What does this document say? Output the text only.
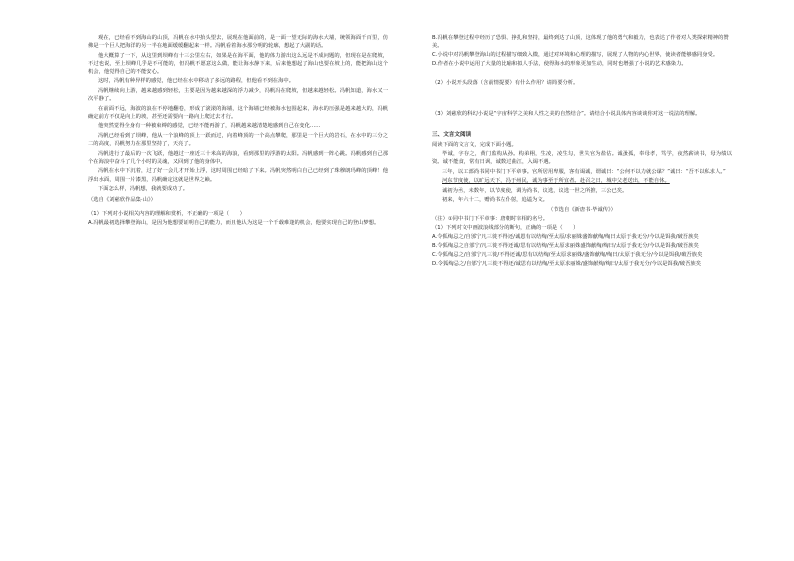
观在，已经看不到海山的山顶，冯帆在水中抬头望去，展现在他面前的，是一面一望无际的海水大墙，统领海面千百里，仿佛是一个巨人把海洋的另一半在地面缓缓翻起来一样。冯帆看着海水那分明的轮廓，想起了大副的话。

他大概算了一下，从这里到坝峰有十三公里左右，如果是在海平面，他的体力游出这么远是不成问题的，但现在是在爬坡，不过也说，至上坝峰几乎是不可能的，但冯帆不愿意这么做，能让海水静下来，后来他想起了海山也要在坡上的，能把海山这个机会，他觉得自己的不能安心。

这时，冯帆有种异样的感觉，他已经在水中移动了多远的路程，但他看不到在海中。

冯帆继续向上游，越来越感到轻松，主要是因为越来越深的浮力减少，冯帆冯在爬坡，但越来越轻松。冯帆知道，海水又一次平静了。

在前面不远，海波的浪在不停地翻卷，形成了滚滚的海墙，这个海墙已经被海水包围起来，海水的压强是越来越大的，冯帆确定前方不仅是向上的坡，甚至还需要向一路向上爬过去才行。

他突然觉得全身有一种被束缚的感觉，已经不能再游了，冯帆越来越清楚地感到自己在变化……

冯帆已经看到了坝峰，他从一个浪峰的顶上一跃而过，向着峰顶的一个高点攀爬，那里是一个巨大的岩石，在水中的三分之二的高度，冯帆努力在那里坚持了，天亮了。

冯帆进行了最后的一次飞跃，他越过一座近三十米高的海浪，看到那里的浮游的太阳。冯帆感到一阵心跳。冯帆感到自己那个在海浪中奋斗了几个小时的灵魂，又回到了他的身体中。

冯帆在水中下沉着，过了好一会儿才开始上浮，这时周围已经暗了下来。冯帆突然明白自己已经到了珠穆朗玛峰的顶峰！他浮出水面，周围一片漆黑，冯帆确定这就是世界之巅。

下面怎么样，冯帆想，我就要成功了。

（选自《刘慈欣作品集·山》）
（1）下列对小说相关内容的理解和赏析，不正确的一项是（　　）
A.冯帆最初选择攀登海山，是因为他想要证明自己的能力，而且他认为这是一个千载难逢的机会，他要实现自己的登山梦想。
B.冯帆在攀登过程中经历了恐惧、挣扎和坚持，最终到达了山顶，这体现了他的勇气和毅力，也表达了作者对人类探索精神的赞美。
C.小说中对冯帆攀登海山的过程描写细致入微，通过对环境和心理的描写，展现了人物的内心世界，使读者能够感同身受。
D.作者在小说中运用了大量的比喻和拟人手法，使得海水的形象更加生动，同时也增强了小说的艺术感染力。
（2）小说开头段落（含前情提要）有什么作用？请简要分析。
（3）刘慈欣的科幻小说是“宇宙科学之美和人性之美的自然结合”。请结合小说具体内容谈谈你对这一说法的理解。
三、文言文阅读
阅读下面的文言文，完成下面小题。

毕诚，字存之，黄门监构从孙。构弟栩，生凌，凌生勾，世失官为盐估。诚蚤孤，奉母孝，笃学，夜然薪读书，母为绩以资。诚不能食，常有日讽，诚数过曲江，入谒不遇。

三年，以工部尚书同中书门下平章事。官所居用卑服，客有谒诚，谓诚曰：“公何不以力就公谋？”诚曰：“吾不以私求人。”

河东节度使，以旷远天下，冯于州民，诚为事至于所宜者。赴召之日，城中父老送出，不能自休。

诚初为丞，未数年，以节度使，调为尚书，议选，议选一世之所推，三公已矣。

初来，年六十二，赠尚书左仆射，追谥为文。

（节选自《新唐书·毕诚传》）
（注）①同中书门下平章事：唐朝时宰相的名号。
（1）下列对文中画波浪线部分的断句，正确的一项是（　　）
A.令狐绹忌之/自邠宁凡三徙不得还/诚恩有以结绹/至太原/求丽姝盛饰献绹/绹曰太原于我无分/今以是饵我/破吾族矣
B.令狐绹忌之自邠宁/凡三徙不得还诚/思有以结绹/至太原求丽姝盛饰献绹/绹曰/太原于我无分/今以是饵我/破吾族矣
C.令狐绹忌之/自邠宁凡三徙/不得还诚/思有以结绹/至太原求丽姝/盛饰献绹/绹曰/太原于我无分/今以是饵我/破吾族矣
D.令狐绹忌之/自邠宁凡三徙不得还/诚思有以结绹/至太原求丽姝/盛饰献绹/绹曰/太原于我无分/今以是饵我/破吾族矣
